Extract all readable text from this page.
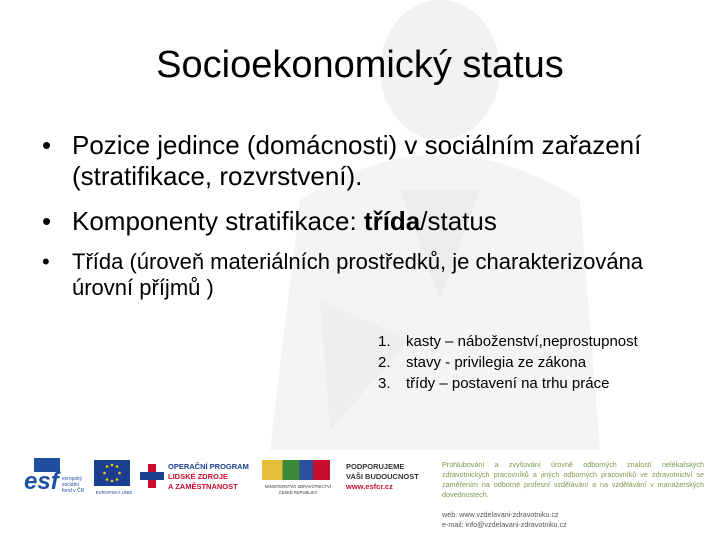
Socioekonomický status
• Pozice jedince (domácnosti) v sociálním zařazení (stratifikace, rozvrstvení).
• Komponenty stratifikace: třída/status
• Třída (úroveň materiálních prostředků, je charakterizována úrovní příjmů )
1.	kasty – náboženství,neprostupnost
2.	stavy - privilegia ze zákona
3.	třídy – postavení na trhu práce
esf evropský sociální fond v ČR	EVROPSKÁ UNIE
OPERAČNÍ PROGRAM
LIDSKÉ ZDROJE
A ZAMĚSTNANOST	MINISTERSTVO ZDRAVOTNICTVÍ ČESKÉ REPUBLIKY
PODPORUJEME
VAŠI BUDOUCNOST
www.esfcr.cz
Prohlubování a zvyšování úrovně odborných znalostí nelékařských zdravotnických pracovníků a jiných odborných pracovníků ve zdravotnictví se zaměřením na odborné profesní vzdělávání a na vzdělávání v manažerských dovednostech.
web: www.vzdelavani-zdravotniku.cz
e-mail: info@vzdelavani-zdravotniku.cz
